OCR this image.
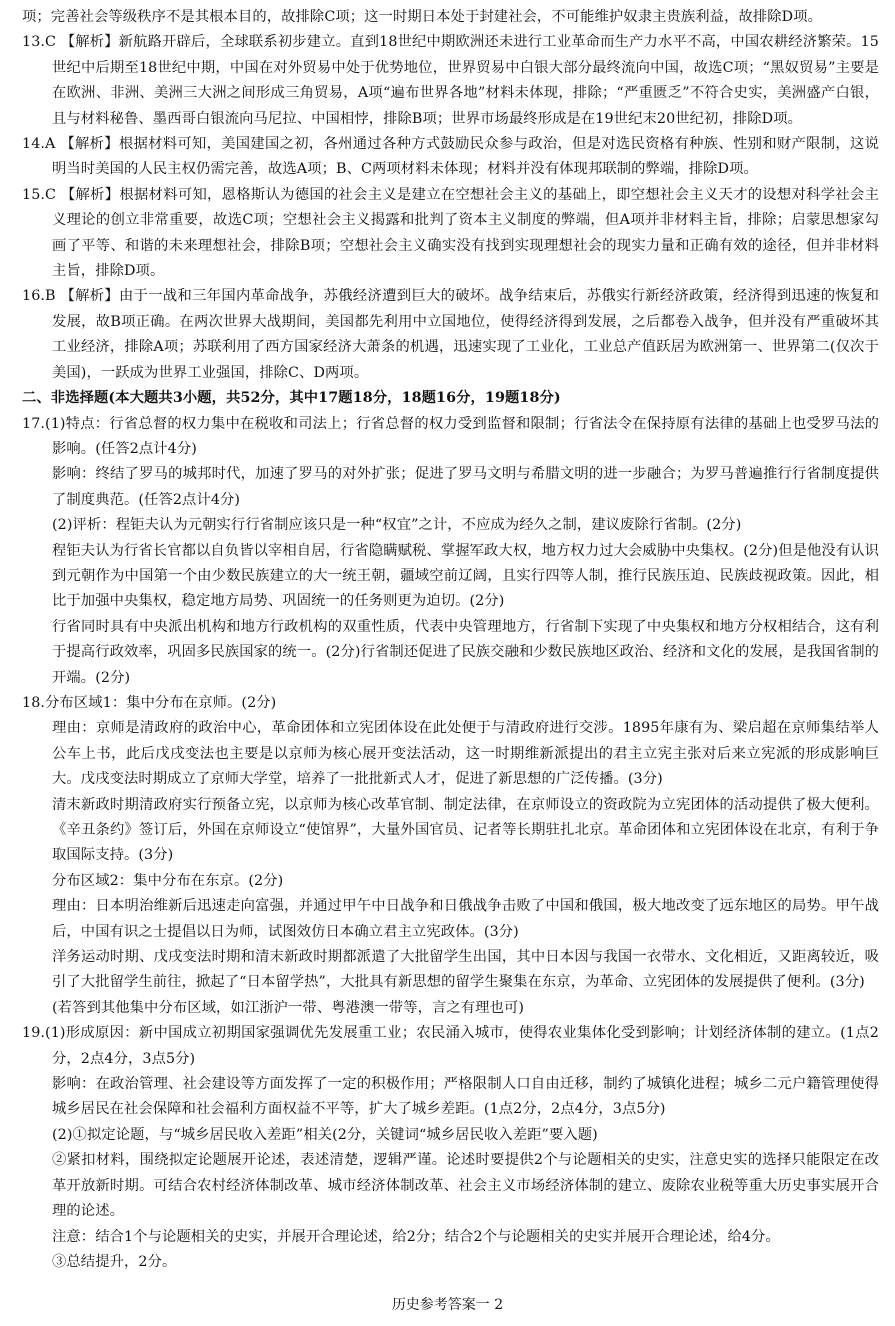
项；完善社会等级秩序不是其根本目的，故排除C项；这一时期日本处于封建社会，不可能维护奴隶主贵族利益，故排除D项。

13.C 【解析】新航路开辟后，全球联系初步建立。直到18世纪中期欧洲还未进行工业革命而生产力水平不高，中国农耕经济繁荣。15世纪中后期至18世纪中期，中国在对外贸易中处于优势地位，世界贸易中白银大部分最终流向中国，故选C项；“黑奴贸易”主要是在欧洲、非洲、美洲三大洲之间形成三角贸易，A项“遍布世界各地”材料未体现，排除；“严重匮乏”不符合史实，美洲盛产白银，且与材料秘鲁、墨西哥白银流向马尼拉、中国相悖，排除B项；世界市场最终形成是在19世纪末20世纪初，排除D项。

14.A 【解析】根据材料可知，美国建国之初，各州通过各种方式鼓励民众参与政治，但是对选民资格有种族、性别和财产限制，这说明当时美国的人民主权仍需完善，故选A项；B、C两项材料未体现；材料并没有体现邦联制的弊端，排除D项。

15.C 【解析】根据材料可知，恩格斯认为德国的社会主义是建立在空想社会主义的基础上，即空想社会主义天才的设想对科学社会主义理论的创立非常重要，故选C项；空想社会主义揭露和批判了资本主义制度的弊端，但A项并非材料主旨，排除；启蒙思想家勾画了平等、和谐的未来理想社会，排除B项；空想社会主义确实没有找到实现理想社会的现实力量和正确有效的途径，但并非材料主旨，排除D项。

16.B 【解析】由于一战和三年国内革命战争，苏俄经济遭到巨大的破坏。战争结束后，苏俄实行新经济政策，经济得到迅速的恢复和发展，故B项正确。在两次世界大战期间，美国都先利用中立国地位，使得经济得到发展，之后都卷入战争，但并没有严重破坏其工业经济，排除A项；苏联利用了西方国家经济大萧条的机遇，迅速实现了工业化，工业总产值跃居为欧洲第一、世界第二(仅次于美国)，一跃成为世界工业强国，排除C、D两项。

二、非选择题(本大题共3小题，共52分，其中17题18分，18题16分，19题18分)

17.(1)特点：行省总督的权力集中在税收和司法上；行省总督的权力受到监督和限制；行省法令在保持原有法律的基础上也受罗马法的影响。(任答2点计4分)

影响：终结了罗马的城邦时代，加速了罗马的对外扩张；促进了罗马文明与希腊文明的进一步融合；为罗马普遍推行行省制度提供了制度典范。(任答2点计4分)

(2)评析：程钜夫认为元朝实行行省制应该只是一种“权宜”之计，不应成为经久之制，建议废除行省制。(2分)

程钜夫认为行省长官都以自负皆以宰相自居，行省隐瞒赋税、掌握军政大权，地方权力过大会威胁中央集权。(2分)但是他没有认识到元朝作为中国第一个由少数民族建立的大一统王朝，疆域空前辽阔，且实行四等人制，推行民族压迫、民族歧视政策。因此，相比于加强中央集权，稳定地方局势、巩固统一的任务则更为迫切。(2分)

行省同时具有中央派出机构和地方行政机构的双重性质，代表中央管理地方，行省制下实现了中央集权和地方分权相结合，这有利于提高行政效率，巩固多民族国家的统一。(2分)行省制还促进了民族交融和少数民族地区政治、经济和文化的发展，是我国省制的开端。(2分)

18.分布区域1：集中分布在京师。(2分)

理由：京师是清政府的政治中心，革命团体和立宪团体设在此处便于与清政府进行交涉。1895年康有为、梁启超在京师集结举人公车上书，此后戊戌变法也主要是以京师为核心展开变法活动，这一时期维新派提出的君主立宪主张对后来立宪派的形成影响巨大。戊戌变法时期成立了京师大学堂，培养了一批批新式人才，促进了新思想的广泛传播。(3分)

清末新政时期清政府实行预备立宪，以京师为核心改革官制、制定法律，在京师设立的资政院为立宪团体的活动提供了极大便利。《辛丑条约》签订后，外国在京师设立“使馆界”，大量外国官员、记者等长期驻扎北京。革命团体和立宪团体设在北京，有利于争取国际支持。(3分)

分布区域2：集中分布在东京。(2分)

理由：日本明治维新后迅速走向富强，并通过甲午中日战争和日俄战争击败了中国和俄国，极大地改变了远东地区的局势。甲午战后，中国有识之士提倡以日为师，试图效仿日本确立君主立宪政体。(3分)

洋务运动时期、戊戌变法时期和清末新政时期都派遣了大批留学生出国，其中日本因与我国一衣带水、文化相近，又距离较近，吸引了大批留学生前往，掀起了“日本留学热”，大批具有新思想的留学生聚集在东京，为革命、立宪团体的发展提供了便利。(3分)

(若答到其他集中分布区域，如江浙沪一带、粤港澳一带等，言之有理也可)

19.(1)形成原因：新中国成立初期国家强调优先发展重工业；农民涌入城市，使得农业集体化受到影响；计划经济体制的建立。(1点2分，2点4分，3点5分)

影响：在政治管理、社会建设等方面发挥了一定的积极作用；严格限制人口自由迁移，制约了城镇化进程；城乡二元户籍管理使得城乡居民在社会保障和社会福利方面权益不平等，扩大了城乡差距。(1点2分，2点4分，3点5分)

(2)①拟定论题，与“城乡居民收入差距”相关(2分，关键词“城乡居民收入差距”要入题)

②紧扣材料，围绕拟定论题展开论述，表述清楚，逻辑严谨。论述时要提供2个与论题相关的史实，注意史实的选择只能限定在改革开放新时期。可结合农村经济体制改革、城市经济体制改革、社会主义市场经济体制的建立、废除农业税等重大历史事实展开合理的论述。

注意：结合1个与论题相关的史实，并展开合理论述，给2分；结合2个与论题相关的史实并展开合理论述，给4分。

③总结提升，2分。

历史参考答案一 2
